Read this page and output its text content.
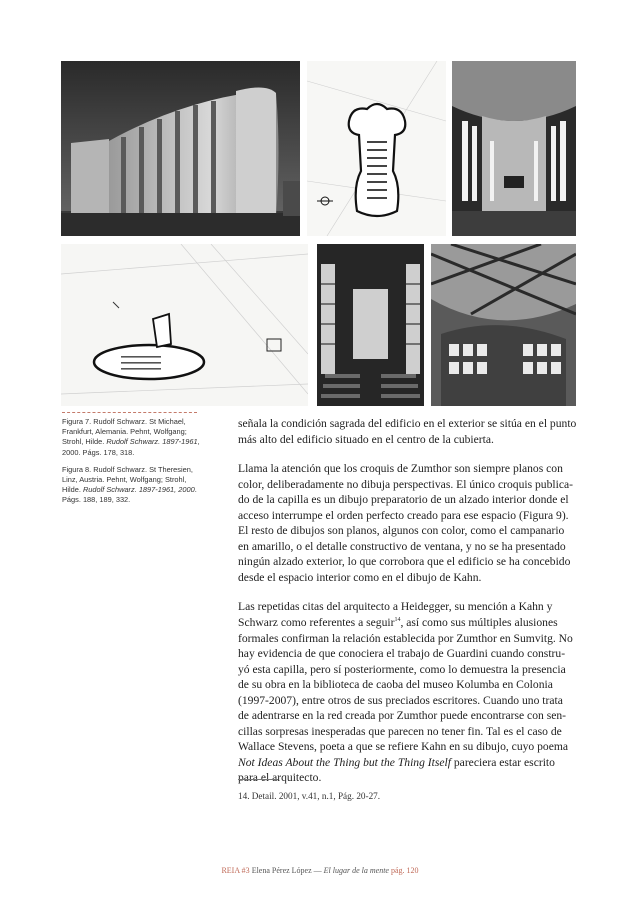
Figura 7. Rudolf Schwarz. St Michael, Frankfurt, Alemania. Pehnt, Wolfgang; Strohl, Hilde. Rudolf Schwarz. 1897-1961, 2000. Págs. 178, 318.

Figura 8. Rudolf Schwarz. St Theresien, Linz, Austria. Pehnt, Wolfgang; Strohl, Hilde. Rudolf Schwarz. 1897-1961, 2000. Págs. 188, 189, 332.

señala la condición sagrada del edificio en el exterior se sitúa en el punto
más alto del edificio situado en el centro de la cubierta.

Llama la atención que los croquis de Zumthor son siempre planos con
color, deliberadamente no dibuja perspectivas. El único croquis publica-
do de la capilla es un dibujo preparatorio de un alzado interior donde el
acceso interrumpe el orden perfecto creado para ese espacio (Figura 9).
El resto de dibujos son planos, algunos con color, como el campanario
en amarillo, o el detalle constructivo de ventana, y no se ha presentado
ningún alzado exterior, lo que corrobora que el edificio se ha concebido
desde el espacio interior como en el dibujo de Kahn.

Las repetidas citas del arquitecto a Heidegger, su mención a Kahn y
Schwarz como referentes a seguir$^{14}$, así como sus múltiples alusiones
formales confirman la relación establecida por Zumthor en Sumvitg. No
hay evidencia de que conociera el trabajo de Guardini cuando constru-
yó esta capilla, pero sí posteriormente, como lo demuestra la presencia
de su obra en la biblioteca de caoba del museo Kolumba en Colonia
(1997-2007), entre otros de sus preciados escritores. Cuando uno trata
de adentrarse en la red creada por Zumthor puede encontrarse con sen-
cillas sorpresas inesperadas que parecen no tener fin. Tal es el caso de
Wallace Stevens, poeta a que se refiere Kahn en su dibujo, cuyo poema
Not Ideas About the Thing but the Thing Itself pareciera estar escrito
para el arquitecto.

14. Detail. 2001, v.41, n.1, Pág. 20-27.
REIA #3 Elena Pérez López — El lugar de la mente pág. 120
